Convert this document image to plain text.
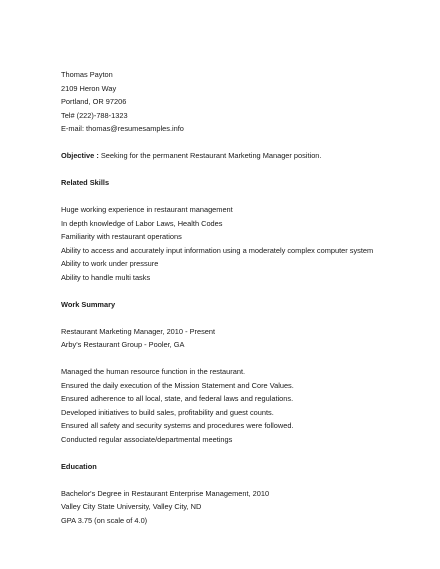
Thomas Payton
2109 Heron Way
Portland, OR 97206
Tel# (222)-788-1323
E-mail: thomas@resumesamples.info
Objective : Seeking for the permanent Restaurant Marketing Manager position.
Related Skills
Huge working experience in restaurant management
In depth knowledge of Labor Laws, Health Codes
Familiarity with restaurant operations
Ability to access and accurately input information using a moderately complex computer system
Ability to work under pressure
Ability to handle multi tasks
Work Summary
Restaurant Marketing Manager, 2010 - Present
Arby's Restaurant Group - Pooler, GA
Managed the human resource function in the restaurant.
Ensured the daily execution of the Mission Statement and Core Values.
Ensured adherence to all local, state, and federal laws and regulations.
Developed initiatives to build sales, profitability and guest counts.
Ensured all safety and security systems and procedures were followed.
Conducted regular associate/departmental meetings
Education
Bachelor's Degree in Restaurant Enterprise Management, 2010
Valley City State University, Valley City, ND
GPA 3.75 (on scale of 4.0)
